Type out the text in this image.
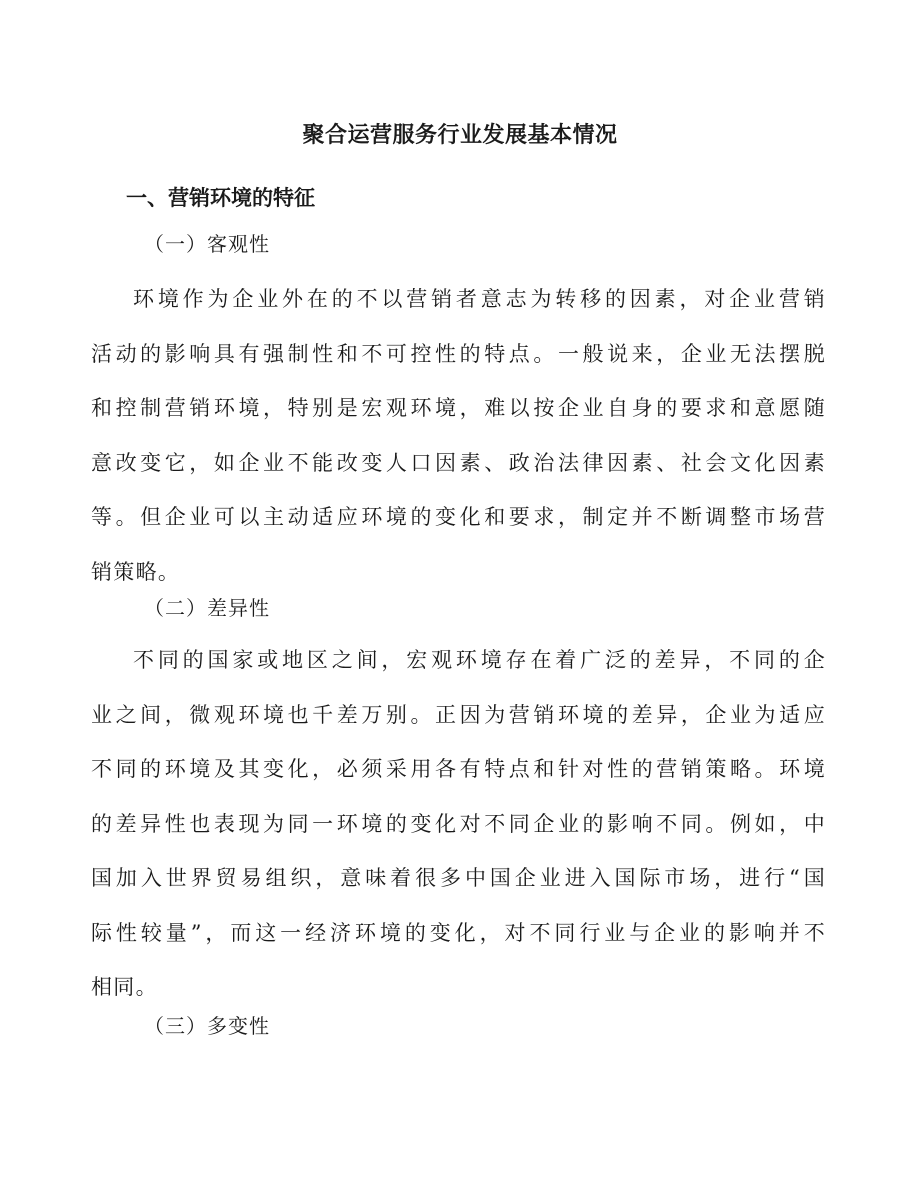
聚合运营服务行业发展基本情况
一、营销环境的特征
（一）客观性
环境作为企业外在的不以营销者意志为转移的因素，对企业营销
活动的影响具有强制性和不可控性的特点。一般说来，企业无法摆脱
和控制营销环境，特别是宏观环境，难以按企业自身的要求和意愿随
意改变它，如企业不能改变人口因素、政治法律因素、社会文化因素
等。但企业可以主动适应环境的变化和要求，制定并不断调整市场营
销策略。
（二）差异性
不同的国家或地区之间，宏观环境存在着广泛的差异，不同的企
业之间，微观环境也千差万别。正因为营销环境的差异，企业为适应
不同的环境及其变化，必须采用各有特点和针对性的营销策略。环境
的差异性也表现为同一环境的变化对不同企业的影响不同。例如，中
国加入世界贸易组织，意味着很多中国企业进入国际市场，进行“国
际性较量”，而这一经济环境的变化，对不同行业与企业的影响并不
相同。
（三）多变性
